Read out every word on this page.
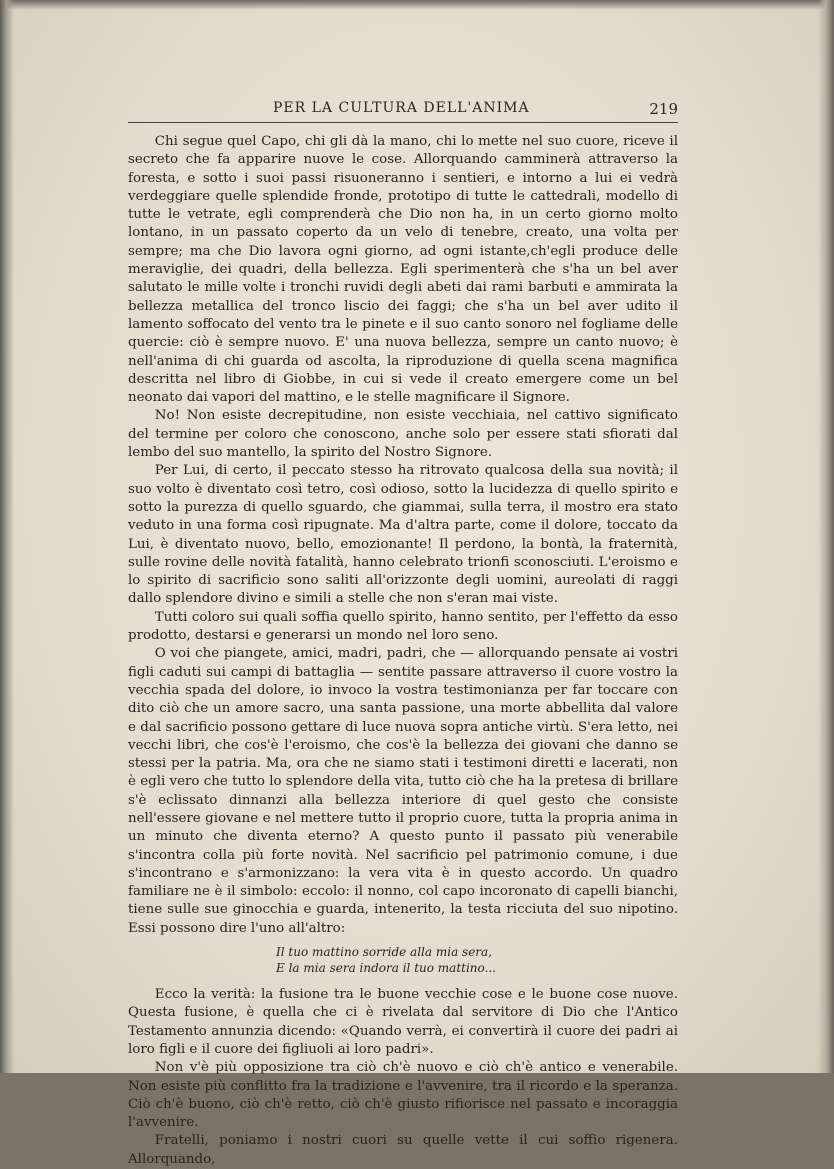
PER LA CULTURA DELL'ANIMA	219

Chi segue quel Capo, chi gli dà la mano, chi lo mette nel suo cuore, riceve il secreto che fa apparire nuove le cose. Allorquando camminerà attraverso la foresta, e sotto i suoi passi risuoneranno i sentieri, e intorno a lui ei vedrà verdeggiare quelle splendide fronde, prototipo di tutte le cattedrali, modello di tutte le vetrate, egli comprenderà che Dio non ha, in un certo giorno molto lontano, in un passato coperto da un velo di tenebre, creato, una volta per sempre; ma che Dio lavora ogni giorno, ad ogni istante,ch'egli produce delle meraviglie, dei quadri, della bellezza. Egli sperimenterà che s'ha un bel aver salutato le mille volte i tronchi ruvidi degli abeti dai rami barbuti e ammirata la bellezza metallica del tronco liscio dei faggi; che s'ha un bel aver udito il lamento soffocato del vento tra le pinete e il suo canto sonoro nel fogliame delle quercie: ciò è sempre nuovo. E' una nuova bellezza, sempre un canto nuovo; è nell'anima di chi guarda od ascolta, la riproduzione di quella scena magnifica descritta nel libro di Giobbe, in cui si vede il creato emergere come un bel neonato dai vapori del mattino, e le stelle magnificare il Signore.

No! Non esiste decrepitudine, non esiste vecchiaia, nel cattivo significato del termine per coloro che conoscono, anche solo per essere stati sfiorati dal lembo del suo mantello, la spirito del Nostro Signore.

Per Lui, di certo, il peccato stesso ha ritrovato qualcosa della sua novità; il suo volto è diventato così tetro, così odioso, sotto la lucidezza di quello spirito e sotto la purezza di quello sguardo, che giammai, sulla terra, il mostro era stato veduto in una forma così ripugnate. Ma d'altra parte, come il dolore, toccato da Lui, è diventato nuovo, bello, emozionante! Il perdono, la bontà, la fraternità, sulle rovine delle novità fatalità, hanno celebrato trionfi sconosciuti. L'eroismo e lo spirito di sacrificio sono saliti all'orizzonte degli uomini, aureolati di raggi dallo splendore divino e simili a stelle che non s'eran mai viste.

Tutti coloro sui quali soffia quello spirito, hanno sentito, per l'effetto da esso prodotto, destarsi e generarsi un mondo nel loro seno.

O voi che piangete, amici, madri, padri, che — allorquando pensate ai vostri figli caduti sui campi di battaglia — sentite passare attraverso il cuore vostro la vecchia spada del dolore, io invoco la vostra testimonianza per far toccare con dito ciò che un amore sacro, una santa passione, una morte abbellita dal valore e dal sacrificio possono gettare di luce nuova sopra antiche virtù. S'era letto, nei vecchi libri, che cos'è l'eroismo, che cos'è la bellezza dei giovani che danno se stessi per la patria. Ma, ora che ne siamo stati i testimoni diretti e lacerati, non è egli vero che tutto lo splendore della vita, tutto ciò che ha la pretesa di brillare s'è eclissato dinnanzi alla bellezza interiore di quel gesto che consiste nell'essere giovane e nel mettere tutto il proprio cuore, tutta la propria anima in un minuto che diventa eterno? A questo punto il passato più venerabile s'incontra colla più forte novità. Nel sacrificio pel patrimonio comune, i due s'incontrano e s'armonizzano: la vera vita è in questo accordo. Un quadro familiare ne è il simbolo: eccolo: il nonno, col capo incoronato di capelli bianchi, tiene sulle sue ginocchia e guarda, intenerito, la testa ricciuta del suo nipotino. Essi possono dire l'uno all'altro:

Il tuo mattino sorride alla mia sera,
E la mia sera indora il tuo mattino...

Ecco la verità: la fusione tra le buone vecchie cose e le buone cose nuove. Questa fusione, è quella che ci è rivelata dal servitore di Dio che l'Antico Testamento annunzia dicendo: «Quando verrà, ei convertirà il cuore dei padri ai loro figli e il cuore dei figliuoli ai loro padri».

Non v'è più opposizione tra ciò ch'è nuovo e ciò ch'è antico e venerabile. Non esiste più conflitto fra la tradizione e l'avvenire, tra il ricordo e la speranza. Ciò ch'è buono, ciò ch'è retto, ciò ch'è giusto rifiorisce nel passato e incoraggia l'avvenire.

Fratelli, poniamo i nostri cuori su quelle vette il cui soffio rigenera. Allorquando,
